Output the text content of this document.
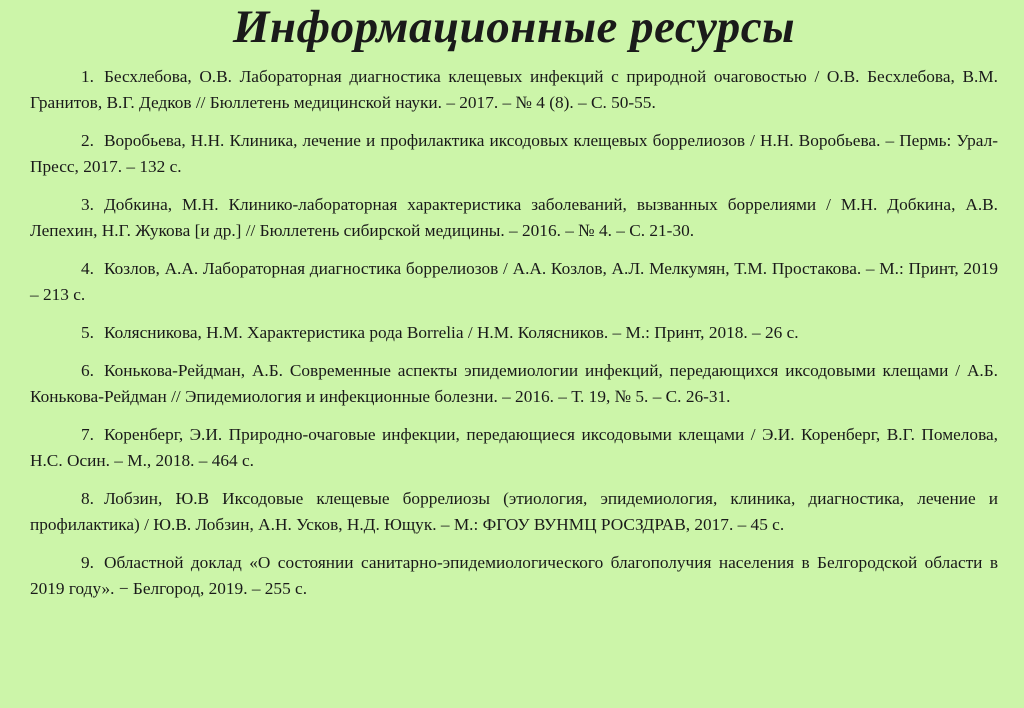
Информационные ресурсы
1. Бесхлебова, О.В. Лабораторная диагностика клещевых инфекций с природной очаговостью / О.В. Бесхлебова, В.М. Гранитов, В.Г. Дедков // Бюллетень медицинской науки. – 2017. – № 4 (8). – С. 50-55.
2. Воробьева, Н.Н. Клиника, лечение и профилактика иксодовых клещевых боррелиозов / Н.Н. Воробьева. – Пермь: Урал-Пресс, 2017. – 132 с.
3. Добкина, М.Н. Клинико-лабораторная характеристика заболеваний, вызванных боррелиями / М.Н. Добкина, А.В. Лепехин, Н.Г. Жукова [и др.] // Бюллетень сибирской медицины. – 2016. – № 4. – С. 21-30.
4. Козлов, А.А. Лабораторная диагностика боррелиозов / А.А. Козлов, А.Л. Мелкумян, Т.М. Простакова. – М.: Принт, 2019 – 213 с.
5. Колясникова, Н.М. Характеристика рода Borrelia / Н.М. Колясников. – М.: Принт, 2018. – 26 с.
6. Конькова-Рейдман, А.Б. Современные аспекты эпидемиологии инфекций, передающихся иксодовыми клещами / А.Б. Конькова-Рейдман // Эпидемиология и инфекционные болезни. – 2016. – Т. 19, № 5. – С. 26-31.
7. Коренберг, Э.И. Природно-очаговые инфекции, передающиеся иксодовыми клещами / Э.И. Коренберг, В.Г. Помелова, Н.С. Осин. – М., 2018. – 464 с.
8. Лобзин, Ю.В Иксодовые клещевые боррелиозы (этиология, эпидемиология, клиника, диагностика, лечение и профилактика) / Ю.В. Лобзин, А.Н. Усков, Н.Д. Ющук. – М.: ФГОУ ВУНМЦ РОСЗДРАВ, 2017. – 45 с.
9. Областной доклад «О состоянии санитарно-эпидемиологического благополучия населения в Белгородской области в 2019 году». − Белгород, 2019. – 255 с.
